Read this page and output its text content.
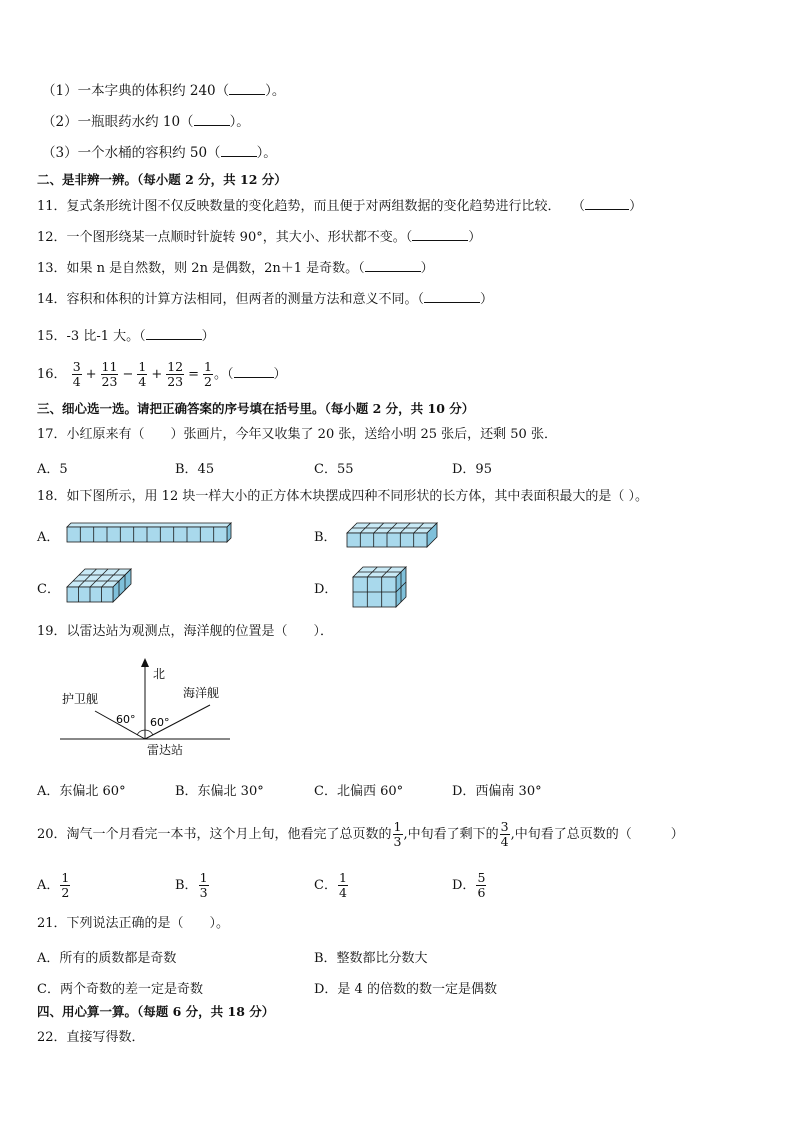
（1）一本字典的体积约 240（	）。
（2）一瓶眼药水约 10（	）。
（3）一个水桶的容积约 50（	）。
二、是非辨一辨。（每小题 2 分，共 12 分）
11．复式条形统计图不仅反映数量的变化趋势，而且便于对两组数据的变化趋势进行比较． （	）
12．一个图形绕某一点顺时针旋转 90°，其大小、形状都不变。（	）
13．如果 n 是自然数，则 2n 是偶数，2n＋1 是奇数。（	）
14．容积和体积的计算方法相同，但两者的测量方法和意义不同。（	）
15．-3 比-1 大。（	）
16． $\frac{3}{4} + \frac{11}{23} - \frac{1}{4} + \frac{12}{23} = \frac{1}{2}$ 。（	）
三、细心选一选。请把正确答案的序号填在括号里。（每小题 2 分，共 10 分）
17．小红原来有（　　）张画片，今年又收集了 20 张，送给小明 25 张后，还剩 50 张．
A．5	B．45	C．55	D．95
18．如下图所示，用 12 块一样大小的正方体木块摆成四种不同形状的长方体，其中表面积最大的是（ ）。
A．	B．
C．	D．
19．以雷达站为观测点，海洋舰的位置是（　　）．
北
护卫舰	海洋舰
60° 60°
雷达站
A．东偏北 60°	B．东偏北 30°	C．北偏西 60°	D．西偏南 30°
20．淘气一个月看完一本书，这个月上旬，他看完了总页数的 $\frac{1}{3}$ ,中旬看了剩下的 $\frac{3}{4}$ ,中旬看了总页数的（　　　）
A． $\frac{1}{2}$	B． $\frac{1}{3}$	C． $\frac{1}{4}$	D． $\frac{5}{6}$
21．下列说法正确的是（　　）。
A．所有的质数都是奇数	B．整数都比分数大
C．两个奇数的差一定是奇数	D．是 4 的倍数的数一定是偶数
四、用心算一算。（每题 6 分，共 18 分）
22．直接写得数．
